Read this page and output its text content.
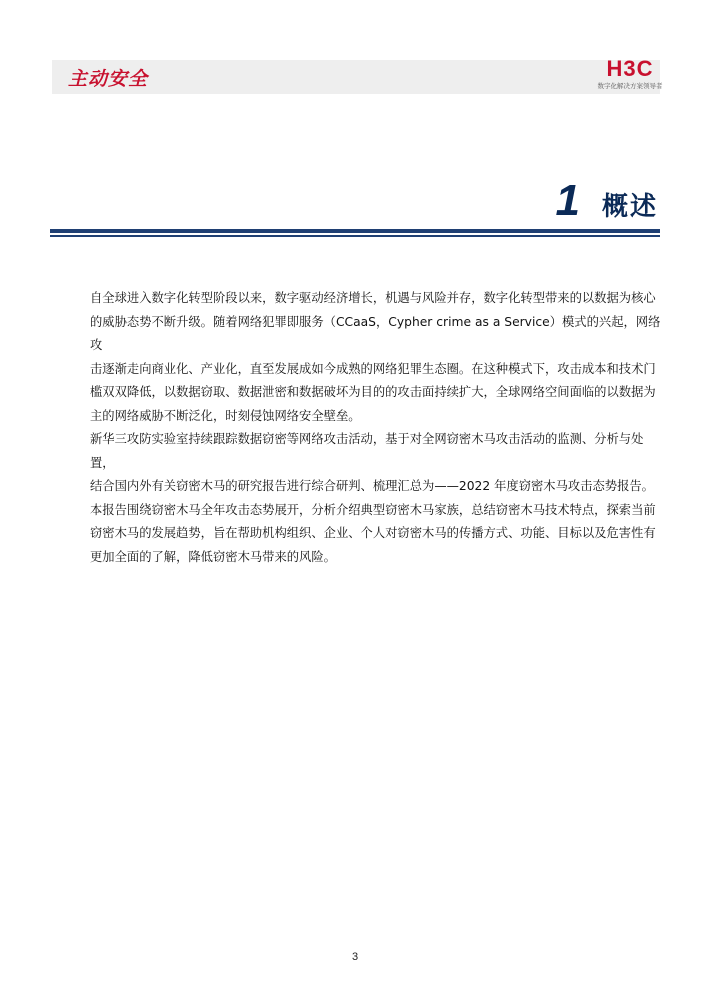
主动安全	H3C
数字化解决方案领导者
1 概述

自全球进入数字化转型阶段以来，数字驱动经济增长，机遇与风险并存，数字化转型带来的以数据为核心

的威胁态势不断升级。随着网络犯罪即服务（CCaaS，Cypher crime as a Service）模式的兴起，网络攻

击逐渐走向商业化、产业化，直至发展成如今成熟的网络犯罪生态圈。在这种模式下，攻击成本和技术门

槛双双降低，以数据窃取、数据泄密和数据破坏为目的的攻击面持续扩大，全球网络空间面临的以数据为

主的网络威胁不断泛化，时刻侵蚀网络安全壁垒。

新华三攻防实验室持续跟踪数据窃密等网络攻击活动，基于对全网窃密木马攻击活动的监测、分析与处置，

结合国内外有关窃密木马的研究报告进行综合研判、梳理汇总为——2022 年度窃密木马攻击态势报告。

本报告围绕窃密木马全年攻击态势展开，分析介绍典型窃密木马家族，总结窃密木马技术特点，探索当前

窃密木马的发展趋势，旨在帮助机构组织、企业、个人对窃密木马的传播方式、功能、目标以及危害性有

更加全面的了解，降低窃密木马带来的风险。

3
